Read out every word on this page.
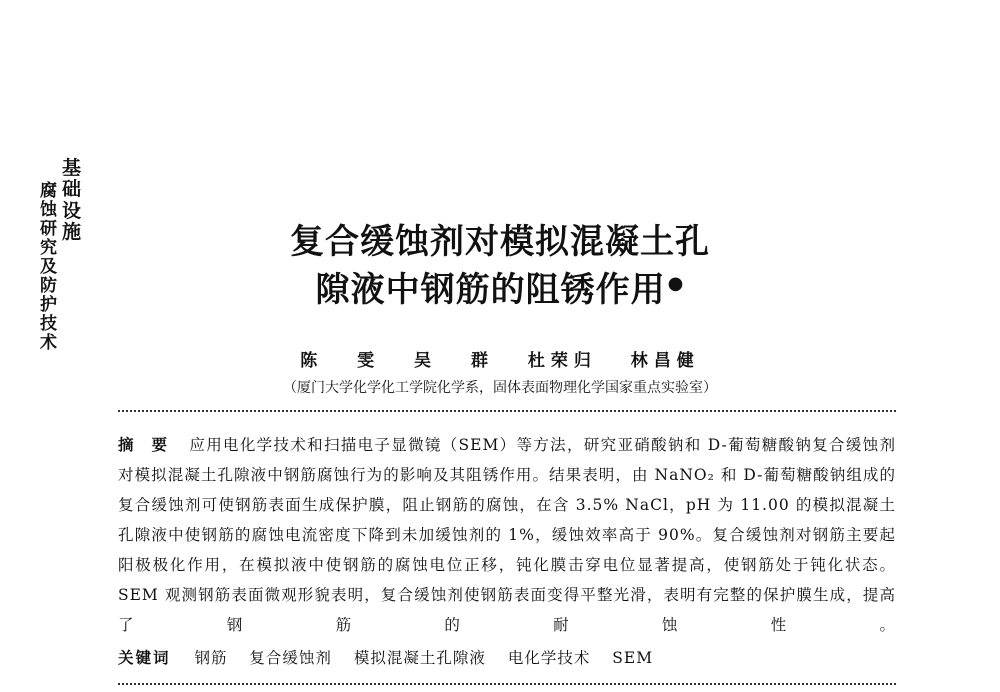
基
础
设
施
腐
蚀
研
究
及
防
护
技
术
复合缓蚀剂对模拟混凝土孔
隙液中钢筋的阻锈作用 ●
陈 雯 吴 群 杜荣归 林昌健
（厦门大学化学化工学院化学系，固体表面物理化学国家重点实验室）
摘 要 应用电化学技术和扫描电子显微镜（SEM）等方法，研究亚硝酸钠和 D-葡萄糖酸钠复合缓蚀剂对模拟混凝土孔隙液中钢筋腐蚀行为的影响及其阻锈作用。结果表明，由 NaNO₂ 和 D-葡萄糖酸钠组成的复合缓蚀剂可使钢筋表面生成保护膜，阻止钢筋的腐蚀，在含 3.5% NaCl，pH 为 11.00 的模拟混凝土孔隙液中使钢筋的腐蚀电流密度下降到未加缓蚀剂的 1%，缓蚀效率高于 90%。复合缓蚀剂对钢筋主要起阳极极化作用，在模拟液中使钢筋的腐蚀电位正移，钝化膜击穿电位显著提高，使钢筋处于钝化状态。SEM 观测钢筋表面微观形貌表明，复合缓蚀剂使钢筋表面变得平整光滑，表明有完整的保护膜生成，提高了钢筋的耐蚀性。
关键词 钢筋 复合缓蚀剂 模拟混凝土孔隙液 电化学技术 SEM
